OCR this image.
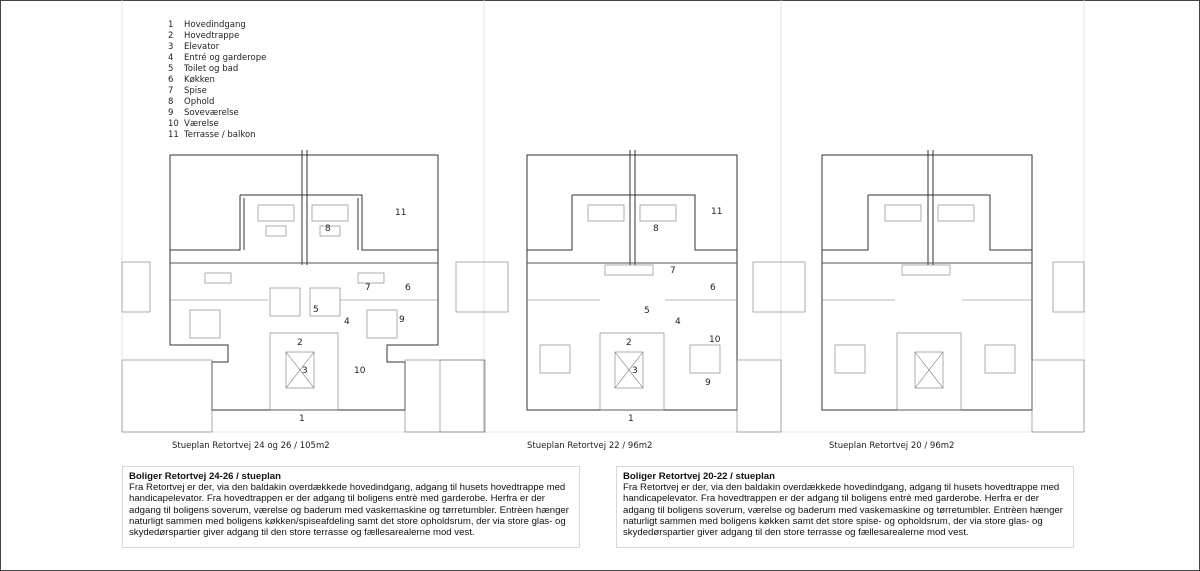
11
8
7	6
5
4	9
2
3	10
1
11
8
7
6
5
4
10
2
3
9
1
1 Hovedindgang
2 Hovedtrappe
3 Elevator
4 Entré og garderope
5 Toilet og bad
6 Køkken
7 Spise
8 Ophold
9 Soveværelse
10 Værelse
11 Terrasse / balkon
Stueplan Retortvej 24 og 26 / 105m2	Stueplan Retortvej 22 / 96m2	Stueplan Retortvej 20 / 96m2
Boliger Retortvej 24-26 / stueplan
Fra Retortvej er der, via den baldakin overdækkede hovedindgang, adgang til husets hovedtrappe med handicapelevator. Fra hovedtrappen er der adgang til boligens entrè med garderobe. Herfra er der adgang til boligens soverum, værelse og baderum med vaskemaskine og tørretumbler. Entrèen hænger naturligt sammen med boligens køkken/spiseafdeling samt det store opholdsrum, der via store glas- og skydedørspartier giver adgang til den store terrasse og fællesarealerne mod vest.
Boliger Retortvej 20-22 / stueplan
Fra Retortvej er der, via den baldakin overdækkede hovedindgang, adgang til husets hovedtrappe med handicapelevator. Fra hovedtrappen er der adgang til boligens entrè med garderobe. Herfra er der adgang til boligens soverum, værelse og baderum med vaskemaskine og tørretumbler. Entrèen hænger naturligt sammen med boligens køkken samt det store spise- og opholdsrum, der via store glas- og skydedørspartier giver adgang til den store terrasse og fællesarealerne mod vest.
